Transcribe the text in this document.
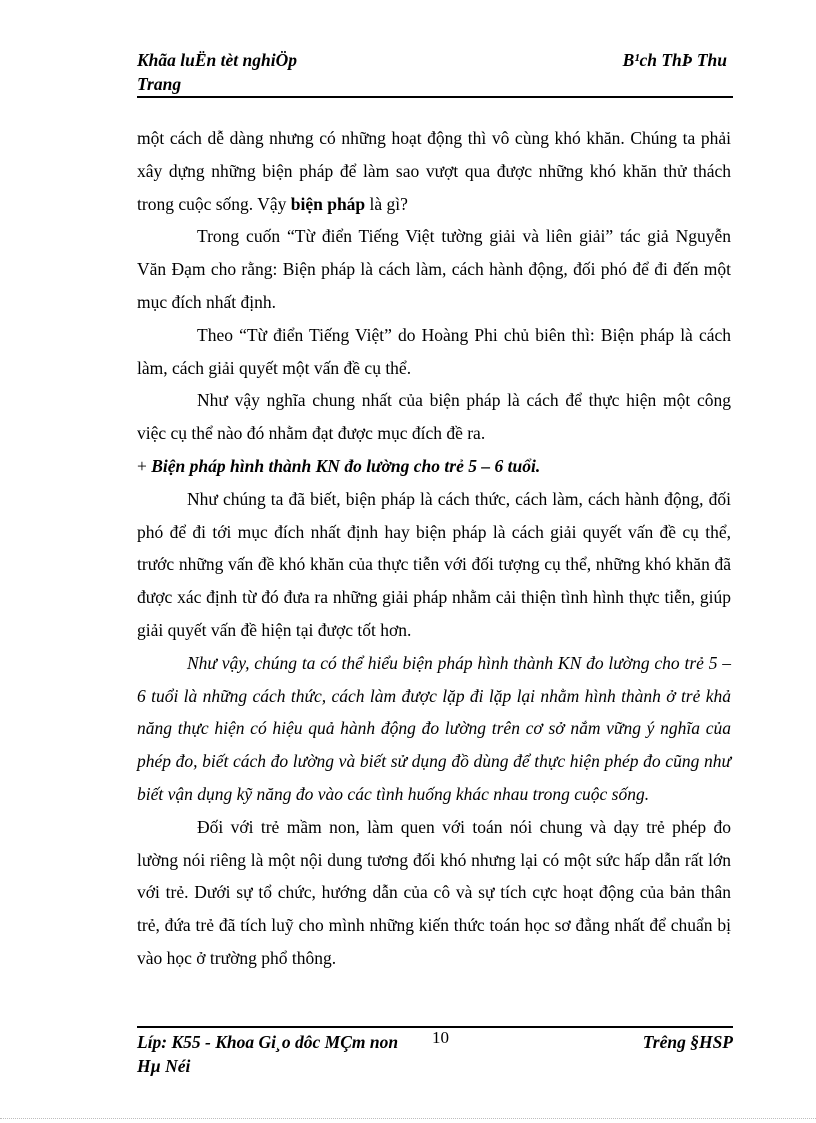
Khãa luËn tèt nghiÖp
Trang
B¹ch ThÞ Thu

một cách dễ dàng nhưng có những hoạt động thì vô cùng khó khăn. Chúng ta phải xây dựng những biện pháp để làm sao vượt qua được những khó khăn thử thách trong cuộc sống. Vậy biện pháp là gì?

Trong cuốn “Từ điển Tiếng Việt tường giải và liên giải” tác giả Nguyễn Văn Đạm cho rằng: Biện pháp là cách làm, cách hành động, đối phó để đi đến một mục đích nhất định.

Theo “Từ điển Tiếng Việt” do Hoàng Phi chủ biên thì: Biện pháp là cách làm, cách giải quyết một vấn đề cụ thể.

Như vậy nghĩa chung nhất của biện pháp là cách để thực hiện một công việc cụ thể nào đó nhằm đạt được mục đích đề ra.

+ Biện pháp hình thành KN đo lường cho trẻ 5 – 6 tuổi.

Như chúng ta đã biết, biện pháp là cách thức, cách làm, cách hành động, đối phó để đi tới mục đích nhất định hay biện pháp là cách giải quyết vấn đề cụ thể, trước những vấn đề khó khăn của thực tiễn với đối tượng cụ thể, những khó khăn đã được xác định từ đó đưa ra những giải pháp nhằm cải thiện tình hình thực tiễn, giúp giải quyết vấn đề hiện tại được tốt hơn.

Như vậy, chúng ta có thể hiểu biện pháp hình thành KN đo lường cho trẻ 5 – 6 tuổi là những cách thức, cách làm được lặp đi lặp lại nhằm hình thành ở trẻ khả năng thực hiện có hiệu quả hành động đo lường trên cơ sở nắm vững ý nghĩa của phép đo, biết cách đo lường và biết sử dụng đồ dùng để thực hiện phép đo cũng như biết vận dụng kỹ năng đo vào các tình huống khác nhau trong cuộc sống.

Đối với trẻ mầm non, làm quen với toán nói chung và dạy trẻ phép đo lường nói riêng là một nội dung tương đối khó nhưng lại có một sức hấp dẫn rất lớn với trẻ. Dưới sự tổ chức, hướng dẫn của cô và sự tích cực hoạt động của bản thân trẻ, đứa trẻ đã tích luỹ cho mình những kiến thức toán học sơ đẳng nhất để chuẩn bị vào học ở trường phổ thông.

Líp: K55 - Khoa Gi¸o dôc MÇm non
Hµ Néi
10	Trêng §HSP
